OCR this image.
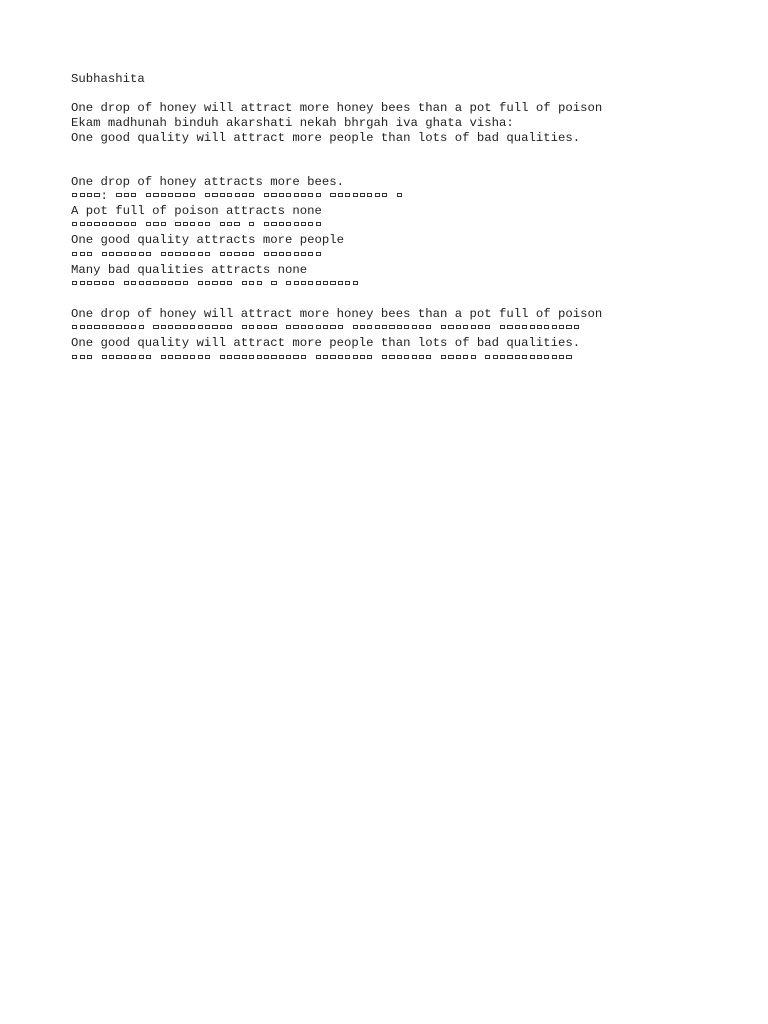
Subhashita
One drop of honey will attract more honey bees than a pot full of poison
Ekam madhunah binduh akarshati nekah bhrgah iva ghata visha:
One good quality will attract more people than lots of bad qualities.
One drop of honey attracts more bees.
:
A pot full of poison attracts none

One good quality attracts more people

Many bad qualities attracts none

One drop of honey will attract more honey bees than a pot full of poison

One good quality will attract more people than lots of bad qualities.
